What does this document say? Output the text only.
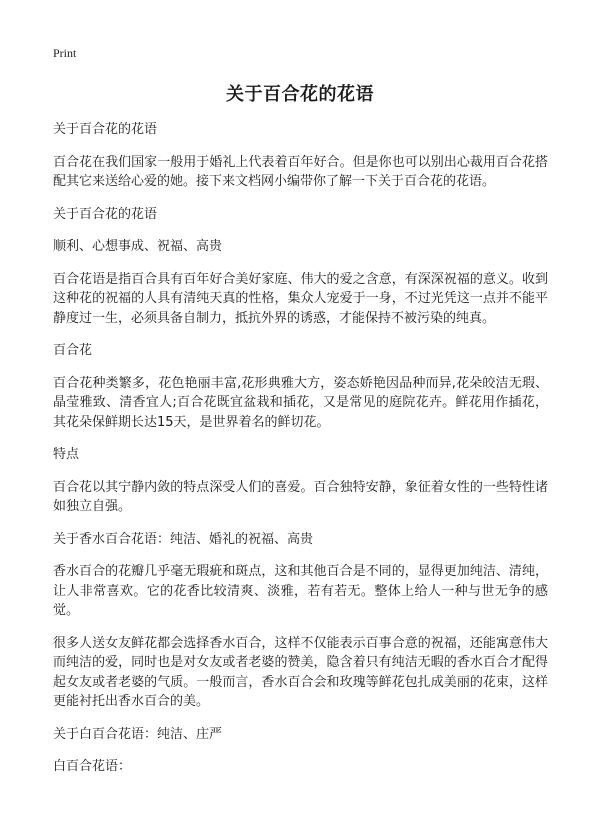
Print
关于百合花的花语

关于百合花的花语

百合花在我们国家一般用于婚礼上代表着百年好合。但是你也可以别出心裁用百合花搭配其它来送给心爱的她。接下来文档网小编带你了解一下关于百合花的花语。

关于百合花的花语

顺利、心想事成、祝福、高贵

百合花语是指百合具有百年好合美好家庭、伟大的爱之含意，有深深祝福的意义。收到这种花的祝福的人具有清纯天真的性格，集众人宠爱于一身，不过光凭这一点并不能平静度过一生，必须具备自制力，抵抗外界的诱惑，才能保持不被污染的纯真。

百合花

百合花种类繁多，花色艳丽丰富,花形典雅大方，姿态娇艳因品种而异,花朵皎洁无瑕、晶莹雅致、清香宜人;百合花既宜盆栽和插花，又是常见的庭院花卉。鲜花用作插花，其花朵保鲜期长达15天，是世界着名的鲜切花。

特点

百合花以其宁静内敛的特点深受人们的喜爱。百合独特安静，象征着女性的一些特性诸如独立自强。

关于香水百合花语：纯洁、婚礼的祝福、高贵

香水百合的花瓣几乎毫无瑕疵和斑点，这和其他百合是不同的，显得更加纯洁、清纯，让人非常喜欢。它的花香比较清爽、淡雅，若有若无。整体上给人一种与世无争的感觉。

很多人送女友鲜花都会选择香水百合，这样不仅能表示百事合意的祝福，还能寓意伟大而纯洁的爱，同时也是对女友或者老婆的赞美，隐含着只有纯洁无暇的香水百合才配得起女友或者老婆的气质。一般而言，香水百合会和玫瑰等鲜花包扎成美丽的花束，这样更能衬托出香水百合的美。

关于白百合花语：纯洁、庄严

白百合花语：
